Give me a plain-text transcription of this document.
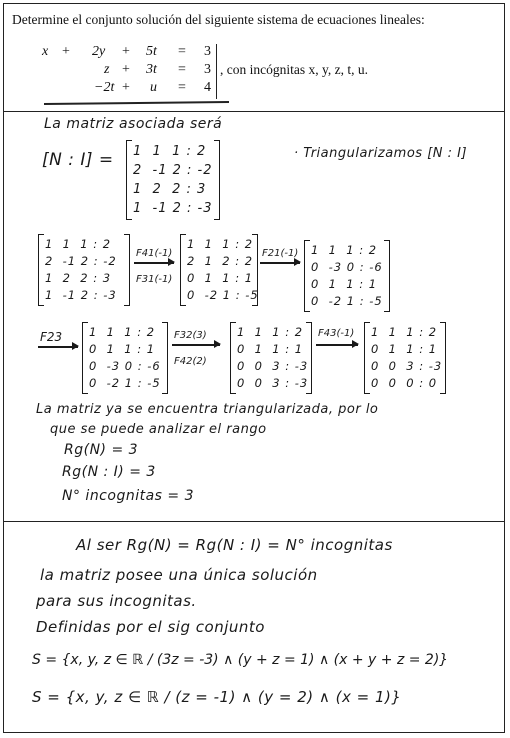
Determine el conjunto solución del siguiente sistema de ecuaciones lineales:
x + 2y + 5t = 3
z + 3t = 3
−2t + u = 4
, con incógnitas x, y, z, t, u.
La matriz asociada será
[N : I] =	· Triangularizamos [N : I]
1  1  1 : 2
2  -1 2 : -2
1  2  2 : 3
1  -1 2 : -3
1  1  1 : 2
2  -1 2 : -2
1  2  2 : 3
1  -1 2 : -3
F41(-1)
F31(-1)
1  1  1 : 2
2  1  2 : 2
0  1  1 : 1
0  -2 1 : -5
F21(-1) 1  1  1 : 2
0  -3 0 : -6
0  1  1 : 1
0  -2 1 : -5
F23 1  1  1 : 2
0  1  1 : 1
0  -3 0 : -6
0  -2 1 : -5
F32(3)
F42(2)
1  1  1 : 2
0  1  1 : 1
0  0  3 : -3
0  0  3 : -3
F43(-1) 1  1  1 : 2
0  1  1 : 1
0  0  3 : -3
0  0  0 : 0
La matriz ya se encuentra triangularizada, por lo
que se puede analizar el rango
Rg(N) = 3
Rg(N : I) = 3
N° incognitas = 3
Al ser Rg(N) = Rg(N : I) = N° incognitas
la matriz posee una única solución
para sus incognitas.
Definidas por el sig conjunto
S = {x, y, z ∈ ℝ / (3z = -3) ∧ (y + z = 1) ∧ (x + y + z = 2)}
S = {x, y, z ∈ ℝ / (z = -1) ∧ (y = 2) ∧ (x = 1)}
